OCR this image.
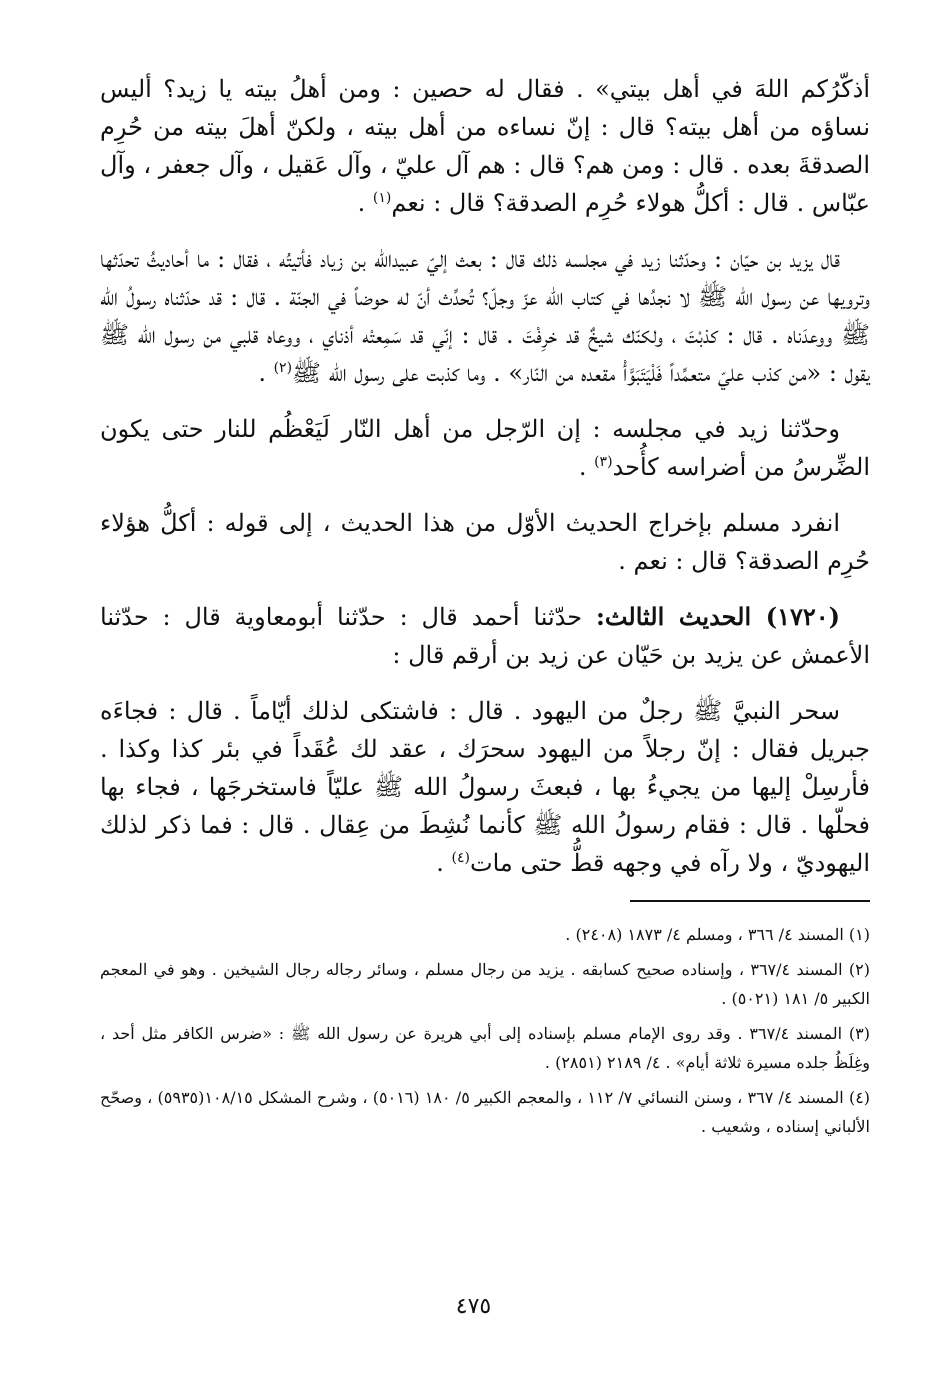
أذكّرُكم اللهَ في أهل بيتي» . فقال له حصين : ومن أهلُ بيته يا زيد؟ أليس نساؤه من أهل بيته؟ قال : إنّ نساءه من أهل بيته ، ولكنّ أهلَ بيته من حُرِم الصدقةَ بعده . قال : ومن هم؟ قال : هم آل عليّ ، وآل عَقيل ، وآل جعفر ، وآل عبّاس . قال : أكلُّ هولاء حُرِم الصدقة؟ قال : نعم$^{(١)}$ .

قال يزيد بن حيّان : وحدّثنا زيد في مجلسه ذلك قال : بعث إليّ عبيدالله بن زياد فأتيتُه ، فقال : ما أحاديثُ تحدّثها وترويها عن رسول الله ﷺ لا نجدُها في كتاب الله عزّ وجلّ؟ تُحدِّث أنّ له حوضاً في الجنّة . قال : قد حدّثناه رسولُ الله ﷺ ووعدَناه . قال : كذبْتَ ، ولكنّك شيخٌ قد خرِفْتَ . قال : إنّي قد سَمِعتْه أذناي ، ووعاه قلبي من رسول الله ﷺ يقول : «من كذب عليّ متعمِّداً فَلْيَتَبَوَّأْ مقعده من النّار» . وما كذبت على رسول الله ﷺ$^{(٢)}$ .

وحدّثنا زيد في مجلسه : إن الرّجل من أهل النّار لَيَعْظُم للنار حتى يكون الضِّرسُ من أضراسه كأُحد$^{(٣)}$ .

انفرد مسلم بإخراج الحديث الأوّل من هذا الحديث ، إلى قوله : أكلُّ هؤلاء حُرِم الصدقة؟ قال : نعم .

(١٧٢٠) الحديث الثالث: حدّثنا أحمد قال : حدّثنا أبومعاوية قال : حدّثنا الأعمش عن يزيد بن حَيّان عن زيد بن أرقم قال :

سحر النبيَّ ﷺ رجلٌ من اليهود . قال : فاشتكى لذلك أيّاماً . قال : فجاءَه جبريل فقال : إنّ رجلاً من اليهود سحرَك ، عقد لك عُقَداً في بئر كذا وكذا . فأرسِلْ إليها من يجيءُ بها ، فبعثَ رسولُ الله ﷺ عليّاً فاستخرجَها ، فجاء بها فحلّها . قال : فقام رسولُ الله ﷺ كأنما نُشِطَ من عِقال . قال : فما ذكر لذلك اليهوديّ ، ولا رآه في وجهه قطُّ حتى مات$^{(٤)}$ .

(١) المسند ٤/ ٣٦٦ ، ومسلم ٤/ ١٨٧٣ (٢٤٠٨) .

(٢) المسند ٣٦٧/٤ ، وإسناده صحيح كسابقه . يزيد من رجال مسلم ، وسائر رجاله رجال الشيخين . وهو في المعجم الكبير ٥/ ١٨١ (٥٠٢١) .

(٣) المسند ٣٦٧/٤ . وقد روى الإمام مسلم بإسناده إلى أبي هريرة عن رسول الله ﷺ : «ضرس الكافر مثل أحد ، وغِلَظُ جلده مسيرة ثلاثة أيام» . ٤/ ٢١٨٩ (٢٨٥١) .

(٤) المسند ٤/ ٣٦٧ ، وسنن النسائي ٧/ ١١٢ ، والمعجم الكبير ٥/ ١٨٠ (٥٠١٦) ، وشرح المشكل ١٠٨/١٥(٥٩٣٥) ، وصحّح الألباني إسناده ، وشعيب .

٤٧٥
